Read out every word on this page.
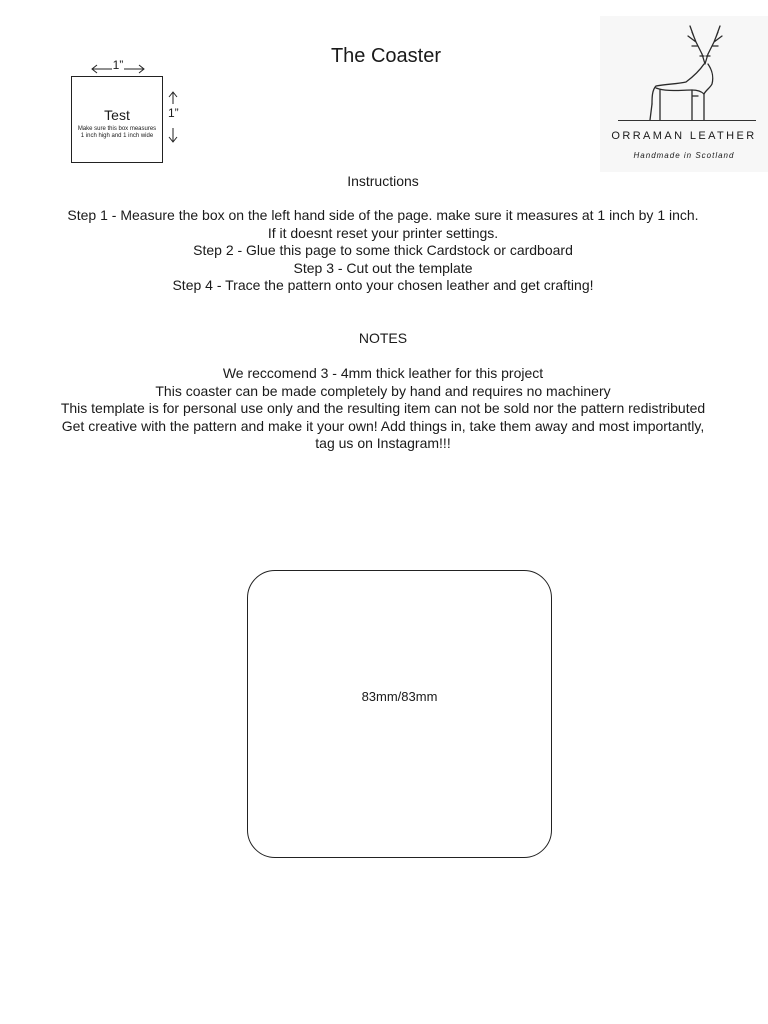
The Coaster
1”
Test
Make sure this box measures
1 inch high and 1 inch wide
1”
ORRAMAN LEATHER
Handmade in Scotland
Instructions
Step 1 - Measure the box on the left hand side of the page. make sure it measures at 1 inch by 1 inch.
If it doesnt reset your printer settings.
Step 2 - Glue this page to some thick Cardstock or cardboard
Step 3 - Cut out the template
Step 4 - Trace the pattern onto your chosen leather and get crafting!
NOTES
We reccomend 3 - 4mm thick leather for this project
This coaster can be made completely by hand and requires no machinery
This template is for personal use only and the resulting item can not be sold nor the pattern redistributed
Get creative with the pattern and make it your own! Add things in, take them away and most importantly,
tag us on Instagram!!!
83mm/83mm
